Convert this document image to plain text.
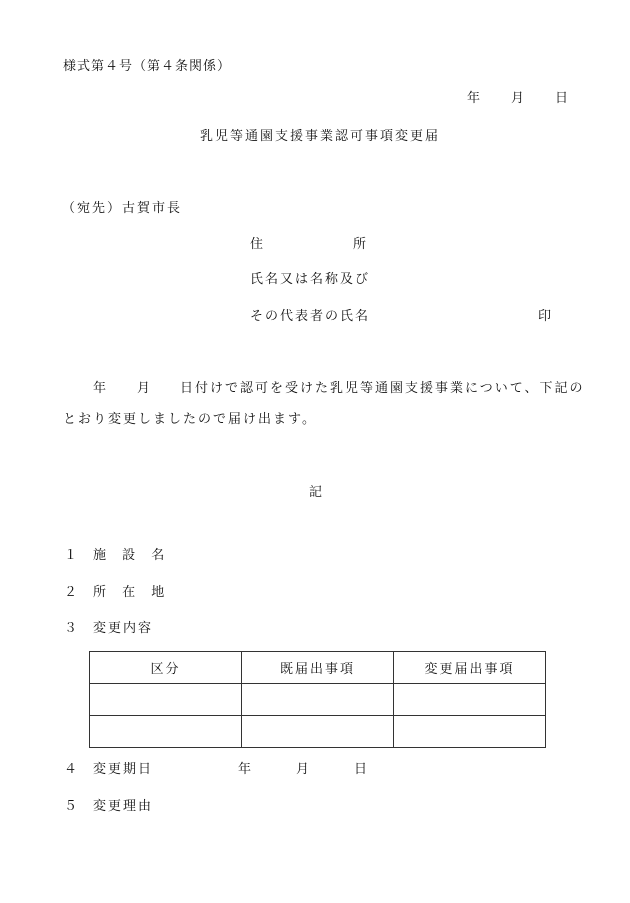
様式第４号（第４条関係）
年 月 日
乳児等通園支援事業認可事項変更届
（宛先）古賀市長
住	所
氏名又は名称及び
その代表者の氏名	印
年 月 日付けで認可を受けた乳児等通園支援事業について、下記の
とおり変更しましたので届け出ます。
記
１ 施 設 名
２ 所 在 地
３ 変更内容
区分	既届出事項	変更届出事項

４ 変更期日	年	月	日
５ 変更理由
